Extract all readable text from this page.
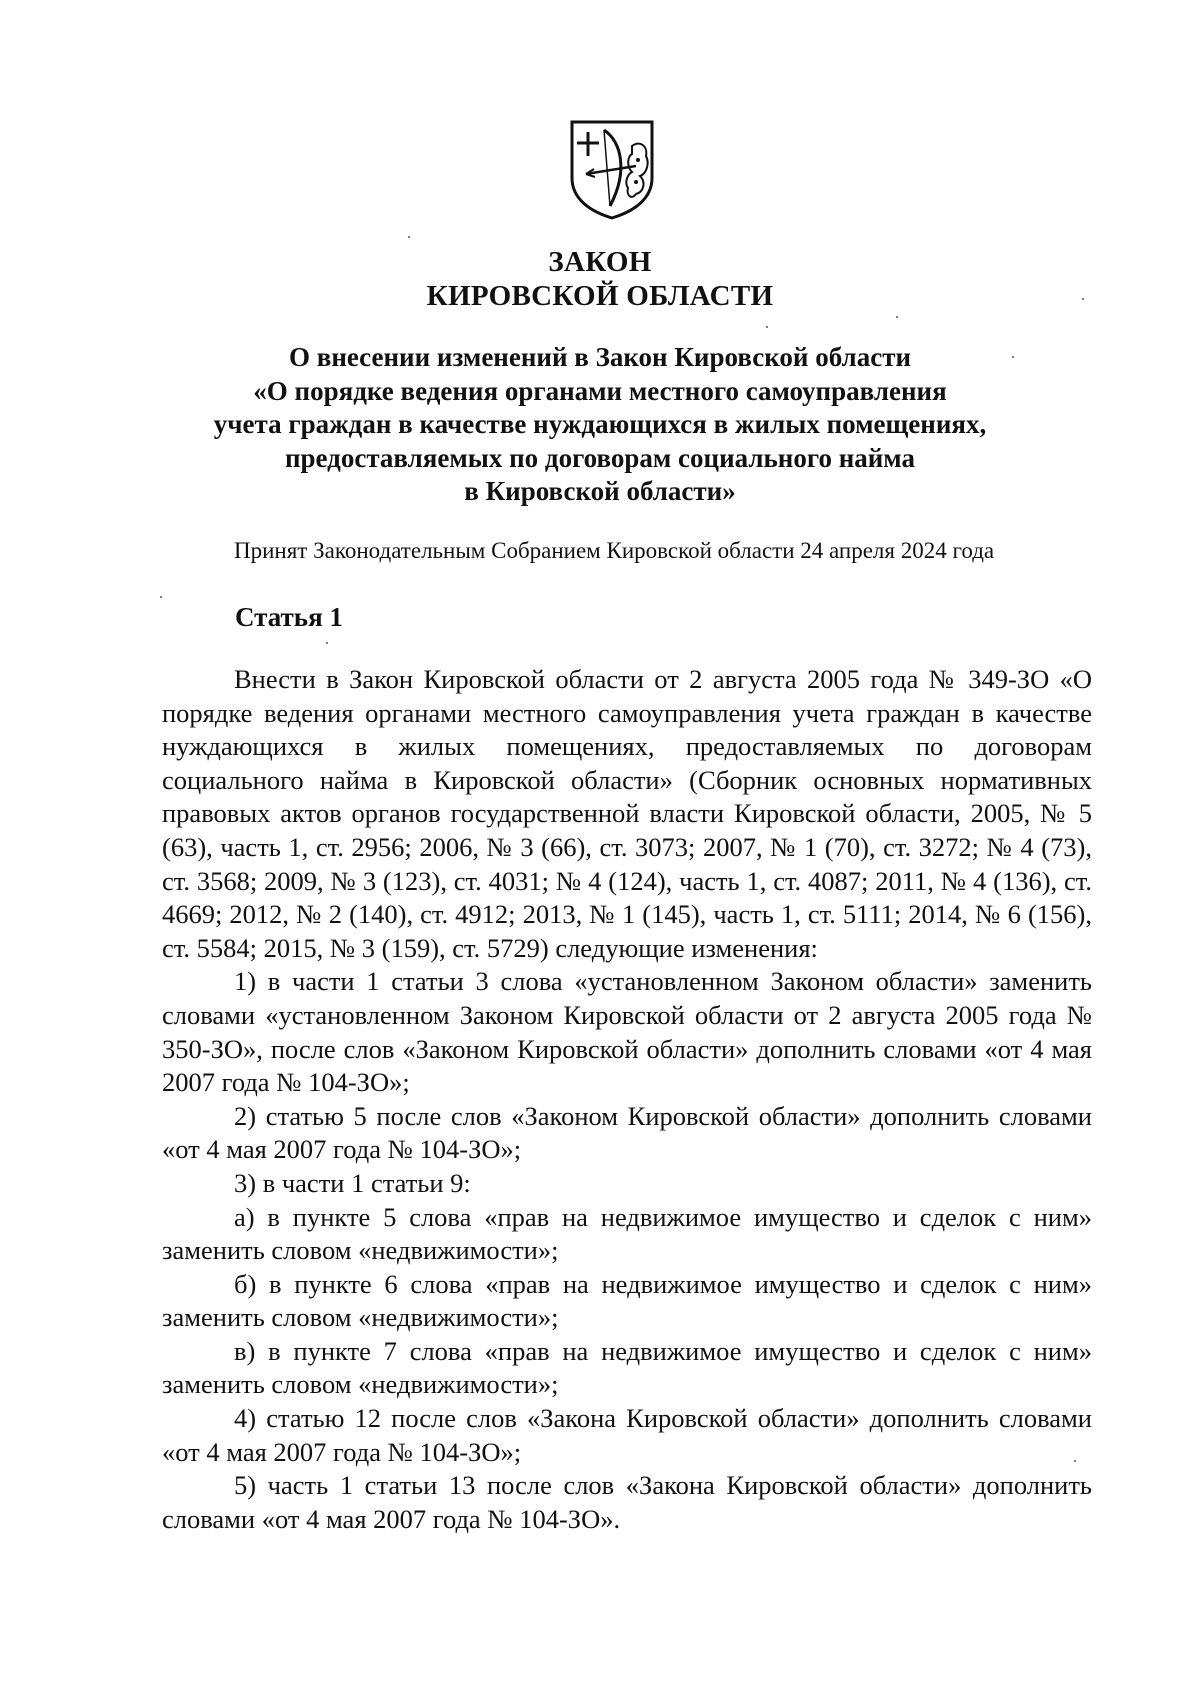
ЗАКОН
КИРОВСКОЙ ОБЛАСТИ
О внесении изменений в Закон Кировской области
«О порядке ведения органами местного самоуправления
учета граждан в качестве нуждающихся в жилых помещениях,
предоставляемых по договорам социального найма
в Кировской области»
Принят Законодательным Собранием Кировской области 24 апреля 2024 года
Статья 1

Внести в Закон Кировской области от 2 августа 2005 года № 349-ЗО «О порядке ведения органами местного самоуправления учета граждан в качестве нуждающихся в жилых помещениях, предоставляемых по договорам социального найма в Кировской области» (Сборник основных нормативных правовых актов органов государственной власти Кировской области, 2005, № 5 (63), часть 1, ст. 2956; 2006, № 3 (66), ст. 3073; 2007, № 1 (70), ст. 3272; № 4 (73), ст. 3568; 2009, № 3 (123), ст. 4031; № 4 (124), часть 1, ст. 4087; 2011, № 4 (136), ст. 4669; 2012, № 2 (140), ст. 4912; 2013, № 1 (145), часть 1, ст. 5111; 2014, № 6 (156), ст. 5584; 2015, № 3 (159), ст. 5729) следующие изменения:

1) в части 1 статьи 3 слова «установленном Законом области» заменить словами «установленном Законом Кировской области от 2 августа 2005 года № 350-ЗО», после слов «Законом Кировской области» дополнить словами «от 4 мая 2007 года № 104-ЗО»;

2) статью 5 после слов «Законом Кировской области» дополнить словами «от 4 мая 2007 года № 104-ЗО»;

3) в части 1 статьи 9:

а) в пункте 5 слова «прав на недвижимое имущество и сделок с ним» заменить словом «недвижимости»;

б) в пункте 6 слова «прав на недвижимое имущество и сделок с ним» заменить словом «недвижимости»;

в) в пункте 7 слова «прав на недвижимое имущество и сделок с ним» заменить словом «недвижимости»;

4) статью 12 после слов «Закона Кировской области» дополнить словами «от 4 мая 2007 года № 104-ЗО»;

5) часть 1 статьи 13 после слов «Закона Кировской области» дополнить словами «от 4 мая 2007 года № 104-ЗО».
